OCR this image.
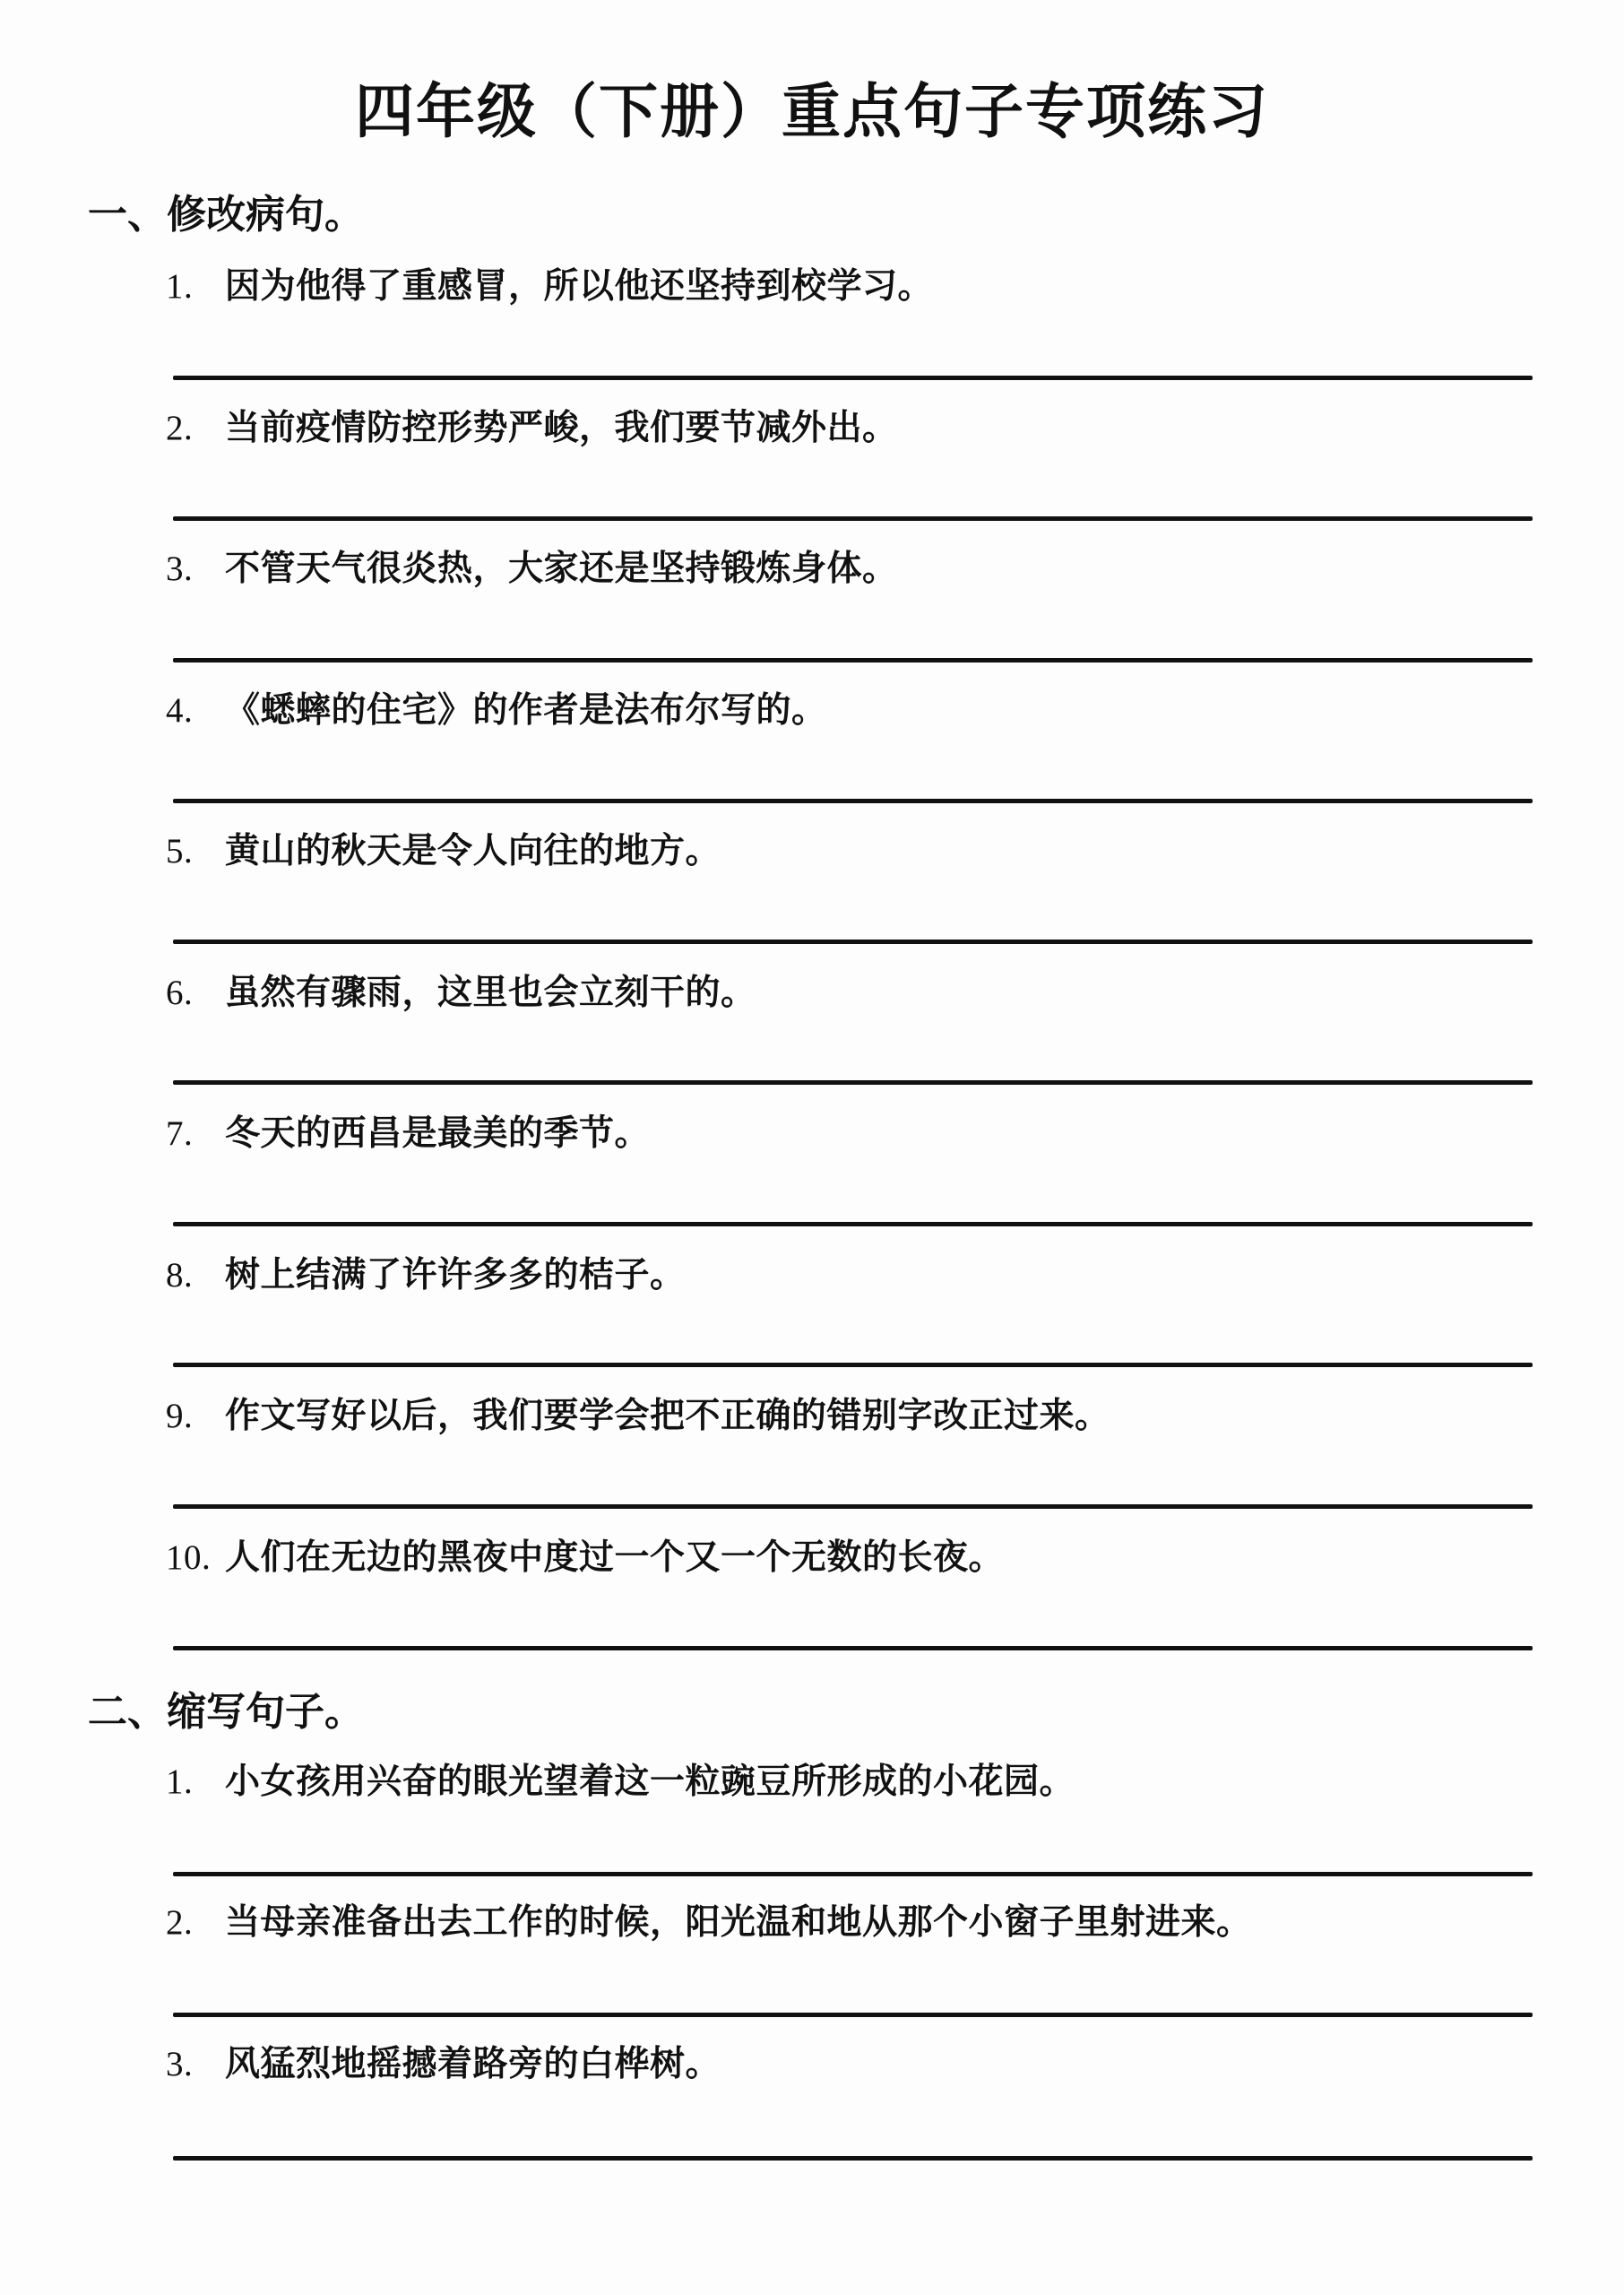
四年级（下册）重点句子专项练习
一、修改病句。
1. 因为他得了重感冒，所以他还坚持到校学习。
2. 当前疫情防控形势严峻，我们要节减外出。
3. 不管天气很炎热，大家还是坚持锻炼身体。
4. 《蟋蟀的住宅》的作者是法布尔写的。
5. 黄山的秋天是令人向往的地方。
6. 虽然有骤雨，这里也会立刻干的。
7. 冬天的西昌是最美的季节。
8. 树上结满了许许多多的桔子。
9. 作文写好以后，我们要学会把不正确的错别字改正过来。
10. 人们在无边的黑夜中度过一个又一个无数的长夜。
二、缩写句子。
1. 小女孩用兴奋的眼光望着这一粒豌豆所形成的小花园。
2. 当母亲准备出去工作的时候，阳光温和地从那个小窗子里射进来。
3. 风猛烈地摇撼着路旁的白桦树。
